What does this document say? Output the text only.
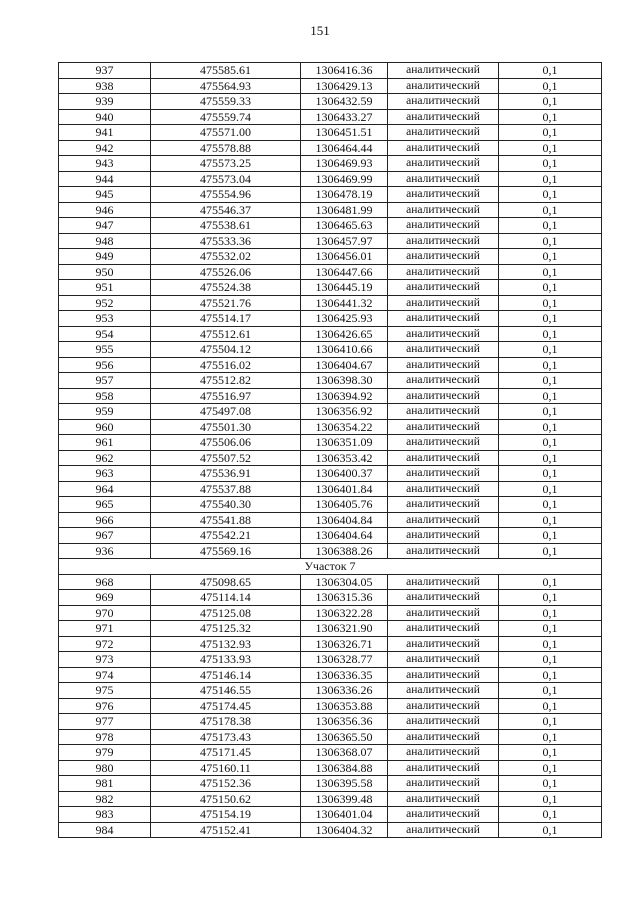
151
937	475585.61	1306416.36	аналитический	0,1
938	475564.93	1306429.13	аналитический	0,1
939	475559.33	1306432.59	аналитический	0,1
940	475559.74	1306433.27	аналитический	0,1
941	475571.00	1306451.51	аналитический	0,1
942	475578.88	1306464.44	аналитический	0,1
943	475573.25	1306469.93	аналитический	0,1
944	475573.04	1306469.99	аналитический	0,1
945	475554.96	1306478.19	аналитический	0,1
946	475546.37	1306481.99	аналитический	0,1
947	475538.61	1306465.63	аналитический	0,1
948	475533.36	1306457.97	аналитический	0,1
949	475532.02	1306456.01	аналитический	0,1
950	475526.06	1306447.66	аналитический	0,1
951	475524.38	1306445.19	аналитический	0,1
952	475521.76	1306441.32	аналитический	0,1
953	475514.17	1306425.93	аналитический	0,1
954	475512.61	1306426.65	аналитический	0,1
955	475504.12	1306410.66	аналитический	0,1
956	475516.02	1306404.67	аналитический	0,1
957	475512.82	1306398.30	аналитический	0,1
958	475516.97	1306394.92	аналитический	0,1
959	475497.08	1306356.92	аналитический	0,1
960	475501.30	1306354.22	аналитический	0,1
961	475506.06	1306351.09	аналитический	0,1
962	475507.52	1306353.42	аналитический	0,1
963	475536.91	1306400.37	аналитический	0,1
964	475537.88	1306401.84	аналитический	0,1
965	475540.30	1306405.76	аналитический	0,1
966	475541.88	1306404.84	аналитический	0,1
967	475542.21	1306404.64	аналитический	0,1
936	475569.16	1306388.26	аналитический	0,1
Участок 7				
968	475098.65	1306304.05	аналитический	0,1
969	475114.14	1306315.36	аналитический	0,1
970	475125.08	1306322.28	аналитический	0,1
971	475125.32	1306321.90	аналитический	0,1
972	475132.93	1306326.71	аналитический	0,1
973	475133.93	1306328.77	аналитический	0,1
974	475146.14	1306336.35	аналитический	0,1
975	475146.55	1306336.26	аналитический	0,1
976	475174.45	1306353.88	аналитический	0,1
977	475178.38	1306356.36	аналитический	0,1
978	475173.43	1306365.50	аналитический	0,1
979	475171.45	1306368.07	аналитический	0,1
980	475160.11	1306384.88	аналитический	0,1
981	475152.36	1306395.58	аналитический	0,1
982	475150.62	1306399.48	аналитический	0,1
983	475154.19	1306401.04	аналитический	0,1
984	475152.41	1306404.32	аналитический	0,1
